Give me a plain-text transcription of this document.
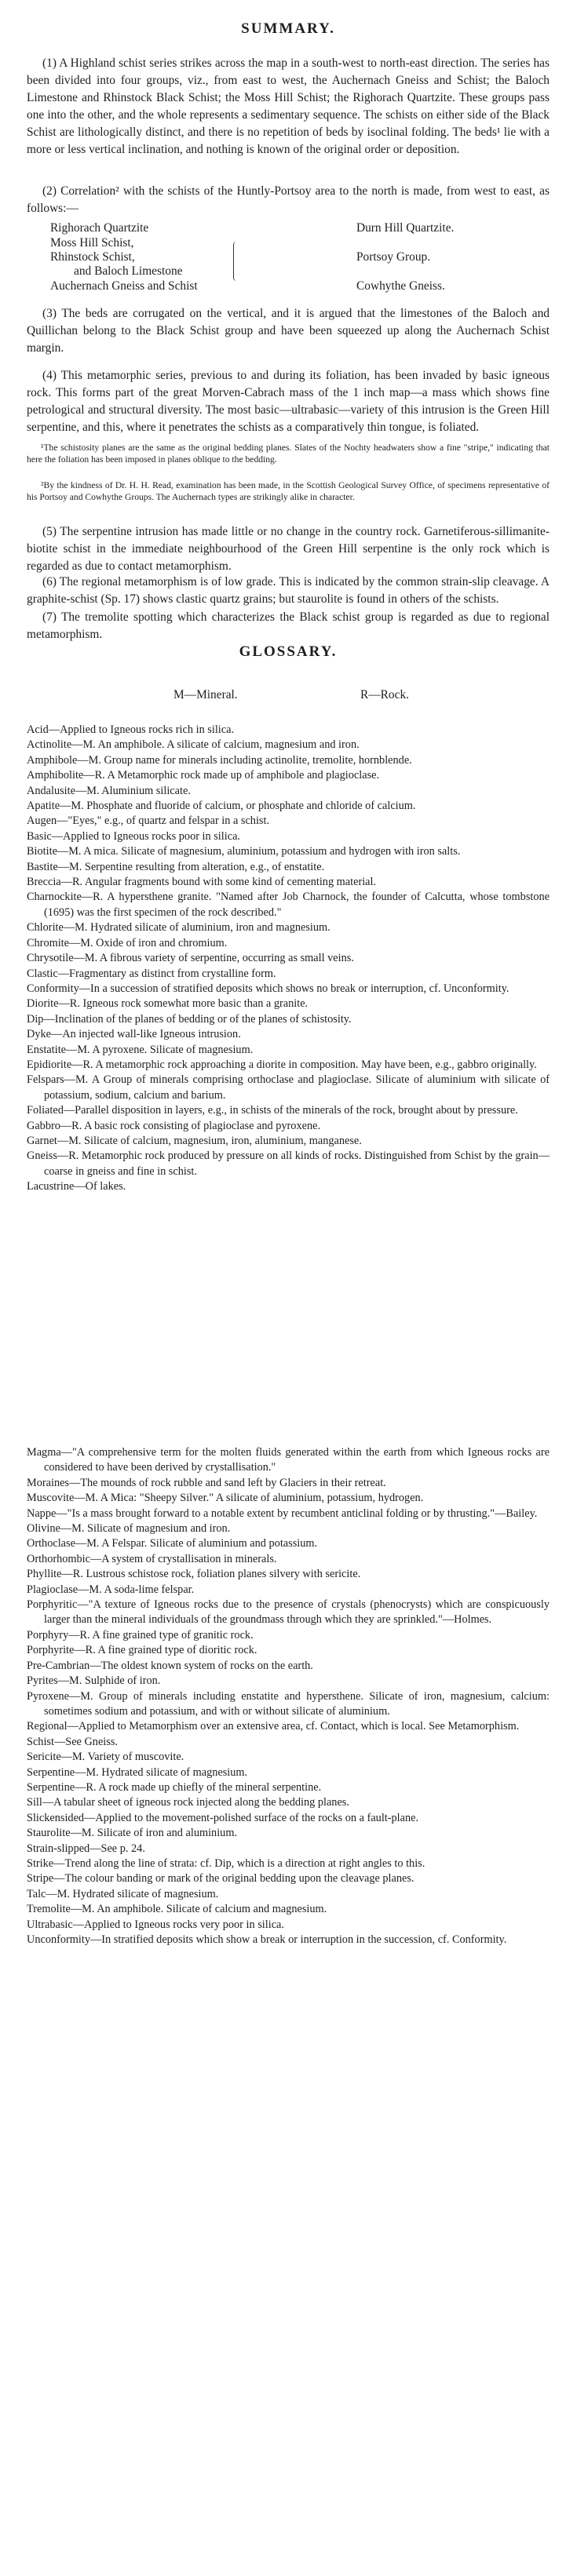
SUMMARY.

(1) A Highland schist series strikes across the map in a south-west to north-east direction. The series has been divided into four groups, viz., from east to west, the Auchernach Gneiss and Schist; the Baloch Limestone and Rhinstock Black Schist; the Moss Hill Schist; the Righorach Quartzite. These groups pass one into the other, and the whole represents a sedimentary sequence. The schists on either side of the Black Schist are lithologically distinct, and there is no repetition of beds by isoclinal folding. The beds¹ lie with a more or less vertical inclination, and nothing is known of the original order or deposition.

(2) Correlation² with the schists of the Huntly-Portsoy area to the north is made, from west to east, as follows:—

Righorach Quartzite
Moss Hill Schist,
Rhinstock Schist,
and Baloch Limestone
Auchernach Gneiss and Schist
Durn Hill Quartzite.
Portsoy Group.
Cowhythe Gneiss.

(3) The beds are corrugated on the vertical, and it is argued that the limestones of the Baloch and Quillichan belong to the Black Schist group and have been squeezed up along the Auchernach Schist margin.

(4) This metamorphic series, previous to and during its foliation, has been invaded by basic igneous rock. This forms part of the great Morven-Cabrach mass of the 1 inch map—a mass which shows fine petrological and structural diversity. The most basic—ultrabasic—variety of this intrusion is the Green Hill serpentine, and this, where it penetrates the schists as a comparatively thin tongue, is foliated.

¹The schistosity planes are the same as the original bedding planes. Slates of the Nochty headwaters show a fine "stripe," indicating that here the foliation has been imposed in planes oblique to the bedding.

²By the kindness of Dr. H. H. Read, examination has been made, in the Scottish Geological Survey Office, of specimens representative of his Portsoy and Cowhythe Groups. The Auchernach types are strikingly alike in character.

(5) The serpentine intrusion has made little or no change in the country rock. Garnetiferous-sillimanite-biotite schist in the immediate neighbourhood of the Green Hill serpentine is the only rock which is regarded as due to contact metamorphism.

(6) The regional metamorphism is of low grade. This is indicated by the common strain-slip cleavage. A graphite-schist (Sp. 17) shows clastic quartz grains; but staurolite is found in others of the schists.

(7) The tremolite spotting which characterizes the Black schist group is regarded as due to regional metamorphism.

GLOSSARY.
M—Mineral.	R—Rock.

Acid—Applied to Igneous rocks rich in silica.

Actinolite—M. An amphibole. A silicate of calcium, magnesium and iron.

Amphibole—M. Group name for minerals including actinolite, tremolite, hornblende.

Amphibolite—R. A Metamorphic rock made up of amphibole and plagioclase.

Andalusite—M. Aluminium silicate.

Apatite—M. Phosphate and fluoride of calcium, or phosphate and chloride of calcium.

Augen—"Eyes," e.g., of quartz and felspar in a schist.

Basic—Applied to Igneous rocks poor in silica.

Biotite—M. A mica. Silicate of magnesium, aluminium, potassium and hydrogen with iron salts.

Bastite—M. Serpentine resulting from alteration, e.g., of enstatite.

Breccia—R. Angular fragments bound with some kind of cementing material.

Charnockite—R. A hypersthene granite. "Named after Job Charnock, the founder of Calcutta, whose tombstone (1695) was the first specimen of the rock described."

Chlorite—M. Hydrated silicate of aluminium, iron and magnesium.

Chromite—M. Oxide of iron and chromium.

Chrysotile—M. A fibrous variety of serpentine, occurring as small veins.

Clastic—Fragmentary as distinct from crystalline form.

Conformity—In a succession of stratified deposits which shows no break or interruption, cf. Unconformity.

Diorite—R. Igneous rock somewhat more basic than a granite.

Dip—Inclination of the planes of bedding or of the planes of schistosity.

Dyke—An injected wall-like Igneous intrusion.

Enstatite—M. A pyroxene. Silicate of magnesium.

Epidiorite—R. A metamorphic rock approaching a diorite in composition. May have been, e.g., gabbro originally.

Felspars—M. A Group of minerals comprising orthoclase and plagioclase. Silicate of aluminium with silicate of potassium, sodium, calcium and barium.

Foliated—Parallel disposition in layers, e.g., in schists of the minerals of the rock, brought about by pressure.

Gabbro—R. A basic rock consisting of plagioclase and pyroxene.

Garnet—M. Silicate of calcium, magnesium, iron, aluminium, manganese.

Gneiss—R. Metamorphic rock produced by pressure on all kinds of rocks. Distinguished from Schist by the grain—coarse in gneiss and fine in schist.

Lacustrine—Of lakes.

Magma—"A comprehensive term for the molten fluids generated within the earth from which Igneous rocks are considered to have been derived by crystallisation."

Moraines—The mounds of rock rubble and sand left by Glaciers in their retreat.

Muscovite—M. A Mica: "Sheepy Silver." A silicate of aluminium, potassium, hydrogen.

Nappe—"Is a mass brought forward to a notable extent by recumbent anticlinal folding or by thrusting."—Bailey.

Olivine—M. Silicate of magnesium and iron.

Orthoclase—M. A Felspar. Silicate of aluminium and potassium.

Orthorhombic—A system of crystallisation in minerals.

Phyllite—R. Lustrous schistose rock, foliation planes silvery with sericite.

Plagioclase—M. A soda-lime felspar.

Porphyritic—"A texture of Igneous rocks due to the presence of crystals (phenocrysts) which are conspicuously larger than the mineral individuals of the groundmass through which they are sprinkled."—Holmes.

Porphyry—R. A fine grained type of granitic rock.

Porphyrite—R. A fine grained type of dioritic rock.

Pre-Cambrian—The oldest known system of rocks on the earth.

Pyrites—M. Sulphide of iron.

Pyroxene—M. Group of minerals including enstatite and hypersthene. Silicate of iron, magnesium, calcium: sometimes sodium and potassium, and with or without silicate of aluminium.

Regional—Applied to Metamorphism over an extensive area, cf. Contact, which is local. See Metamorphism.

Schist—See Gneiss.

Sericite—M. Variety of muscovite.

Serpentine—M. Hydrated silicate of magnesium.

Serpentine—R. A rock made up chiefly of the mineral serpentine.

Sill—A tabular sheet of igneous rock injected along the bedding planes.

Slickensided—Applied to the movement-polished surface of the rocks on a fault-plane.

Staurolite—M. Silicate of iron and aluminium.

Strain-slipped—See p. 24.

Strike—Trend along the line of strata: cf. Dip, which is a direction at right angles to this.

Stripe—The colour banding or mark of the original bedding upon the cleavage planes.

Talc—M. Hydrated silicate of magnesium.

Tremolite—M. An amphibole. Silicate of calcium and magnesium.

Ultrabasic—Applied to Igneous rocks very poor in silica.

Unconformity—In stratified deposits which show a break or interruption in the succession, cf. Conformity.
